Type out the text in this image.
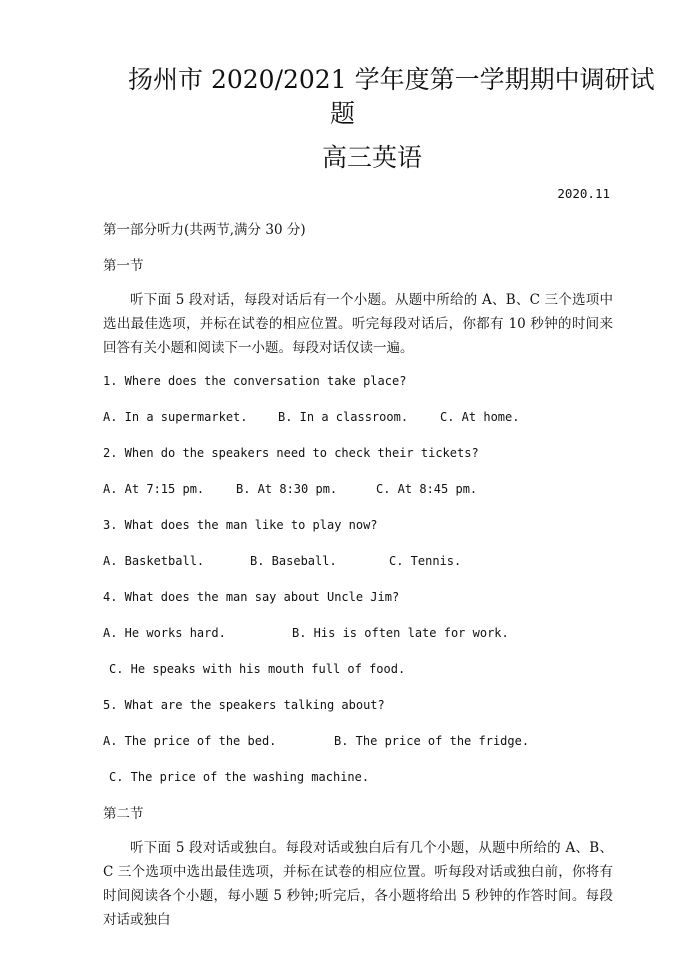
扬州市 2020/2021 学年度第一学期期中调研试
题
高三英语
2020.11
第一部分听力(共两节,满分 30 分)
第一节
听下面 5 段对话，每段对话后有一个小题。从题中所给的 A、B、C 三个选项中选出最佳选项，并标在试卷的相应位置。听完每段对话后，你都有 10 秒钟的时间来回答有关小题和阅读下一小题。每段对话仅读一遍。
1. Where does the conversation take place?
A. In a supermarket.	B. In a classroom.	C. At home.
2. When do the speakers need to check their tickets?
A. At 7:15 pm.	B. At 8:30 pm.	C. At 8:45 pm.
3. What does the man like to play now?
A. Basketball.	B. Baseball.	C. Tennis.
4. What does the man say about Uncle Jim?
A. He works hard.	B. His is often late for work.
C. He speaks with his mouth full of food.
5. What are the speakers talking about?
A. The price of the bed.	B. The price of the fridge.
C. The price of the washing machine.
第二节
听下面 5 段对话或独白。每段对话或独白后有几个小题，从题中所给的 A、B、C 三个选项中选出最佳选项，并标在试卷的相应位置。听每段对话或独白前，你将有时间阅读各个小题，每小题 5 秒钟;听完后，各小题将给出 5 秒钟的作答时间。每段对话或独白
